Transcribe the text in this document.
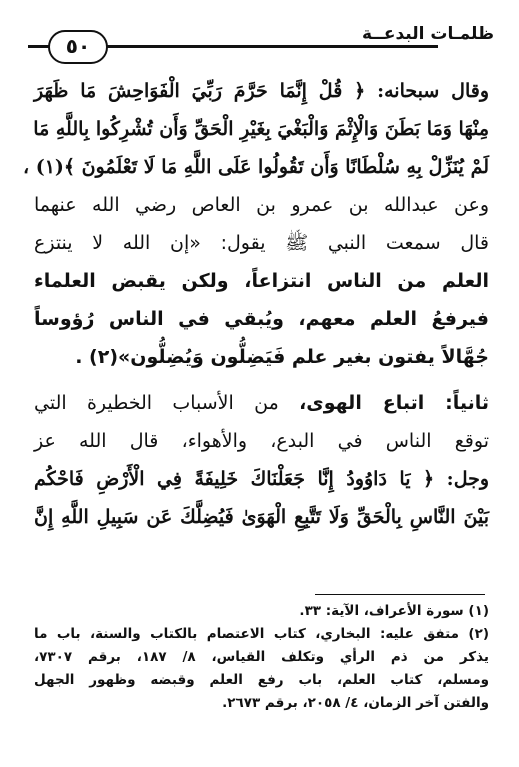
ظلمـات البدعــة
٥٠
وقال سبحانه: ﴿ قُلْ إِنَّمَا حَرَّمَ رَبِّيَ الْفَوَاحِشَ مَا ظَهَرَ
مِنْهَا وَمَا بَطَنَ وَالْإِثْمَ وَالْبَغْيَ بِغَيْرِ الْحَقِّ وَأَن تُشْرِكُوا بِاللَّهِ مَا
لَمْ يُنَزِّلْ بِهِ سُلْطَانًا وَأَن تَقُولُوا عَلَى اللَّهِ مَا لَا تَعْلَمُونَ ﴾(١) ،
وعن عبدالله بن عمرو بن العاص رضي الله عنهما
قال سمعت النبي ﷺ يقول: «إن الله لا ينتزع
العلم من الناس انتزاعاً، ولكن يقبض العلماء
فيرفعُ العلم معهم، ويُبقي في الناس رُؤوساً
جُهَّالاً يفتون بغير علم فَيَضِلُّون وَيُضِلُّون»(٢) .
ثانياً: اتباع الهوى، من الأسباب الخطيرة التي
توقع الناس في البدع، والأهواء، قال الله عز
وجل: ﴿ يَا دَاوُودُ إِنَّا جَعَلْنَاكَ خَلِيفَةً فِي الْأَرْضِ فَاحْكُم
بَيْنَ النَّاسِ بِالْحَقِّ وَلَا تَتَّبِعِ الْهَوَىٰ فَيُضِلَّكَ عَن سَبِيلِ اللَّهِ إِنَّ
(١) سورة الأعراف، الآية: ٣٣.
(٢) متفق عليه: البخاري، كتاب الاعتصام بالكتاب والسنة، باب ما
يذكر من ذم الرأي وتكلف القياس، ٨/ ١٨٧، برقم ٧٣٠٧،
ومسلم، كتاب العلم، باب رفع العلم وقبضه وظهور الجهل
والفتن آخر الزمان، ٤/ ٢٠٥٨، برقم ٢٦٧٣.
